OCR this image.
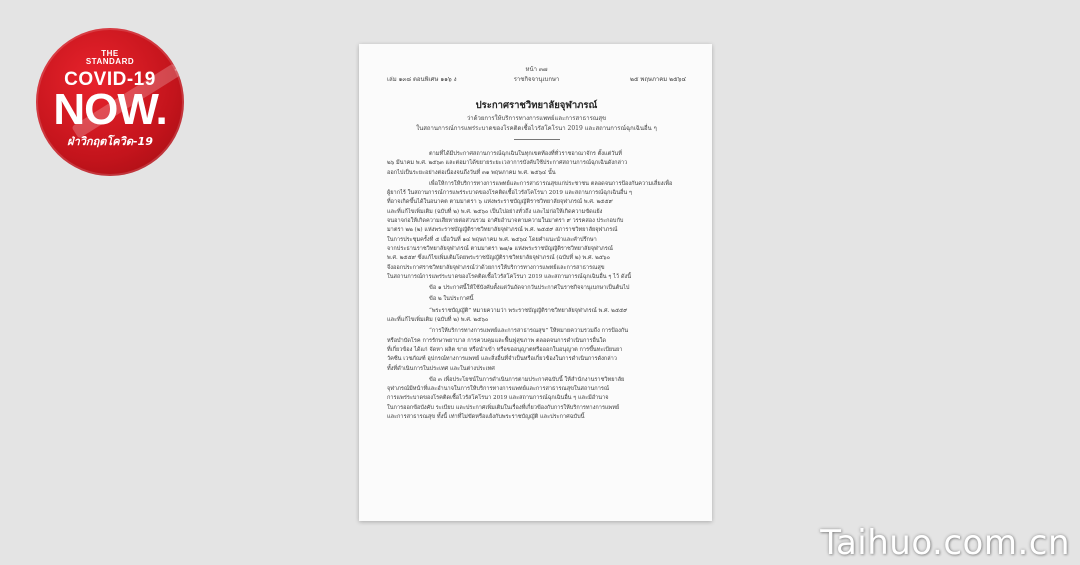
THE
STANDARD
COVID-19
NOW.
ฝ่าวิกฤตโควิด-19
หน้า ๓๗
เล่ม ๑๓๘ ตอนพิเศษ ๑๑๖ ง	ราชกิจจานุเบกษา	๒๕ พฤษภาคม ๒๕๖๔
ประกาศราชวิทยาลัยจุฬาภรณ์
ว่าด้วยการให้บริการทางการแพทย์และการสาธารณสุข
ในสถานการณ์การแพร่ระบาดของโรคติดเชื้อไวรัสโคโรนา 2019 และสถานการณ์ฉุกเฉินอื่น ๆ

ตามที่ได้มีประกาศสถานการณ์ฉุกเฉินในทุกเขตท้องที่ทั่วราชอาณาจักร ตั้งแต่วันที่
๒๖ มีนาคม พ.ศ. ๒๕๖๓ และต่อมาได้ขยายระยะเวลาการบังคับใช้ประกาศสถานการณ์ฉุกเฉินดังกล่าว
ออกไปเป็นระยะอย่างต่อเนื่องจนถึงวันที่ ๓๑ พฤษภาคม พ.ศ. ๒๕๖๔ นั้น

เพื่อให้การให้บริการทางการแพทย์และการสาธารณสุขแก่ประชาชน ตลอดจนการป้องกันความเสี่ยงเพื่อ
ผู้ยากไร้ ในสถานการณ์การแพร่ระบาดของโรคติดเชื้อไวรัสโคโรนา 2019 และสถานการณ์ฉุกเฉินอื่น ๆ
ที่อาจเกิดขึ้นได้ในอนาคต ตามมาตรา ๖ แห่งพระราชบัญญัติราชวิทยาลัยจุฬาภรณ์ พ.ศ. ๒๕๕๙
และที่แก้ไขเพิ่มเติม (ฉบับที่ ๒) พ.ศ. ๒๕๖๐ เป็นไปอย่างทั่วถึง และไม่ก่อให้เกิดความขัดแย้ง
จนอาจก่อให้เกิดความเสียหายต่อส่วนรวม อาศัยอำนาจตามความในมาตรา ๙ วรรคสอง ประกอบกับ
มาตรา ๒๒ (๒) แห่งพระราชบัญญัติราชวิทยาลัยจุฬาภรณ์ พ.ศ. ๒๕๕๙ สภาราชวิทยาลัยจุฬาภรณ์
ในการประชุมครั้งที่ ๕ เมื่อวันที่ ๑๔ พฤษภาคม พ.ศ. ๒๕๖๔ โดยคำแนะนำและคำปรึกษา
จากประธานราชวิทยาลัยจุฬาภรณ์ ตามมาตรา ๒๗/๑ แห่งพระราชบัญญัติราชวิทยาลัยจุฬาภรณ์
พ.ศ. ๒๕๕๙ ซึ่งแก้ไขเพิ่มเติมโดยพระราชบัญญัติราชวิทยาลัยจุฬาภรณ์ (ฉบับที่ ๒) พ.ศ. ๒๕๖๐
จึงออกประกาศราชวิทยาลัยจุฬาภรณ์ว่าด้วยการให้บริการทางการแพทย์และการสาธารณสุข
ในสถานการณ์การแพร่ระบาดของโรคติดเชื้อไวรัสโคโรนา 2019 และสถานการณ์ฉุกเฉินอื่น ๆ ไว้ ดังนี้

ข้อ ๑ ประกาศนี้ให้ใช้บังคับตั้งแต่วันถัดจากวันประกาศในราชกิจจานุเบกษาเป็นต้นไป

ข้อ ๒ ในประกาศนี้

“พระราชบัญญัติ” หมายความว่า พระราชบัญญัติราชวิทยาลัยจุฬาภรณ์ พ.ศ. ๒๕๕๙
และที่แก้ไขเพิ่มเติม (ฉบับที่ ๒) พ.ศ. ๒๕๖๐

“การให้บริการทางการแพทย์และการสาธารณสุข” ให้หมายความรวมถึง การป้องกัน
หรือบำบัดโรค การรักษาพยาบาล การควบคุมและฟื้นฟูสุขภาพ ตลอดจนการดำเนินการอื่นใด
ที่เกี่ยวข้อง ได้แก่ จัดหา ผลิต ขาย หรือนำเข้า หรือขออนุญาตหรือออกใบอนุญาต การขึ้นทะเบียนยา
วัคซีน เวชภัณฑ์ อุปกรณ์ทางการแพทย์ และสิ่งอื่นที่จำเป็นหรือเกี่ยวข้องในการดำเนินการดังกล่าว
ทั้งที่ดำเนินการในประเทศ และในต่างประเทศ

ข้อ ๓ เพื่อประโยชน์ในการดำเนินการตามประกาศฉบับนี้ ให้สำนักงานราชวิทยาลัย
จุฬาภรณ์มีหน้าที่และอำนาจในการให้บริการทางการแพทย์และการสาธารณสุขในสถานการณ์
การแพร่ระบาดของโรคติดเชื้อไวรัสโคโรนา 2019 และสถานการณ์ฉุกเฉินอื่น ๆ และมีอำนาจ
ในการออกข้อบังคับ ระเบียบ และประกาศเพิ่มเติมในเรื่องที่เกี่ยวข้องกับการให้บริการทางการแพทย์
และการสาธารณสุข ทั้งนี้ เท่าที่ไม่ขัดหรือแย้งกับพระราชบัญญัติ และประกาศฉบับนี้

Taihuo.com.cn
